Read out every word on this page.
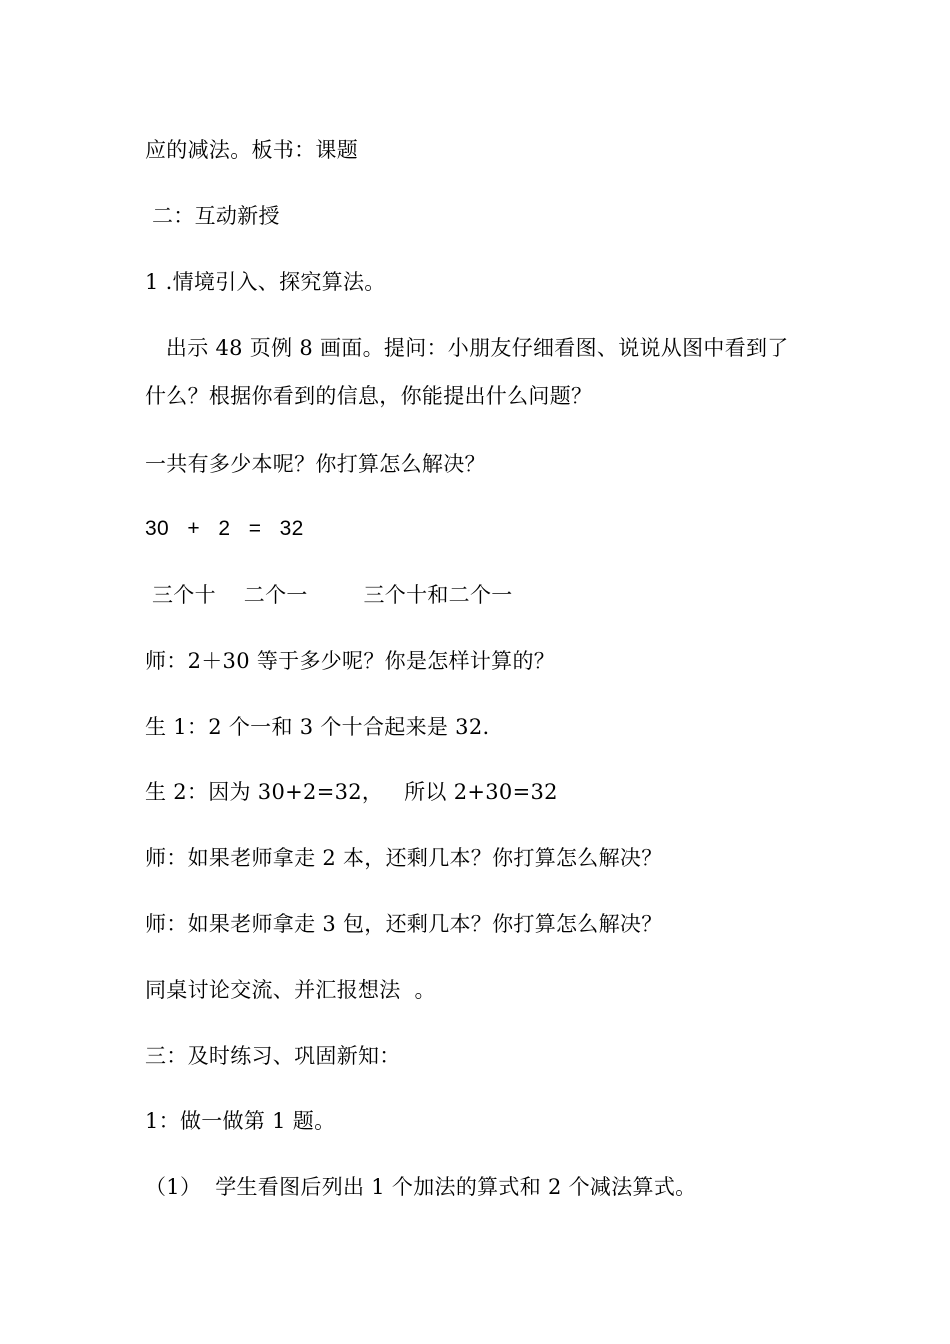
应的减法。板书：课题
二：互动新授
1 .情境引入、探究算法。
出示 48 页例 8 画面。提问：小朋友仔细看图、说说从图中看到了
什么？根据你看到的信息，你能提出什么问题？
一共有多少本呢？你打算怎么解决？
30   +   2   =   32
三个十    二个一        三个十和二个一
师：2＋30 等于多少呢？你是怎样计算的？
生 1：2 个一和 3 个十合起来是 32.
生 2：因为 30+2=32，   所以 2+30=32
师：如果老师拿走 2 本，还剩几本？你打算怎么解决？
师：如果老师拿走 3 包，还剩几本？你打算怎么解决？
同桌讨论交流、并汇报想法  。
三：及时练习、巩固新知：
1：做一做第 1 题。
（1）  学生看图后列出 1 个加法的算式和 2 个减法算式。
